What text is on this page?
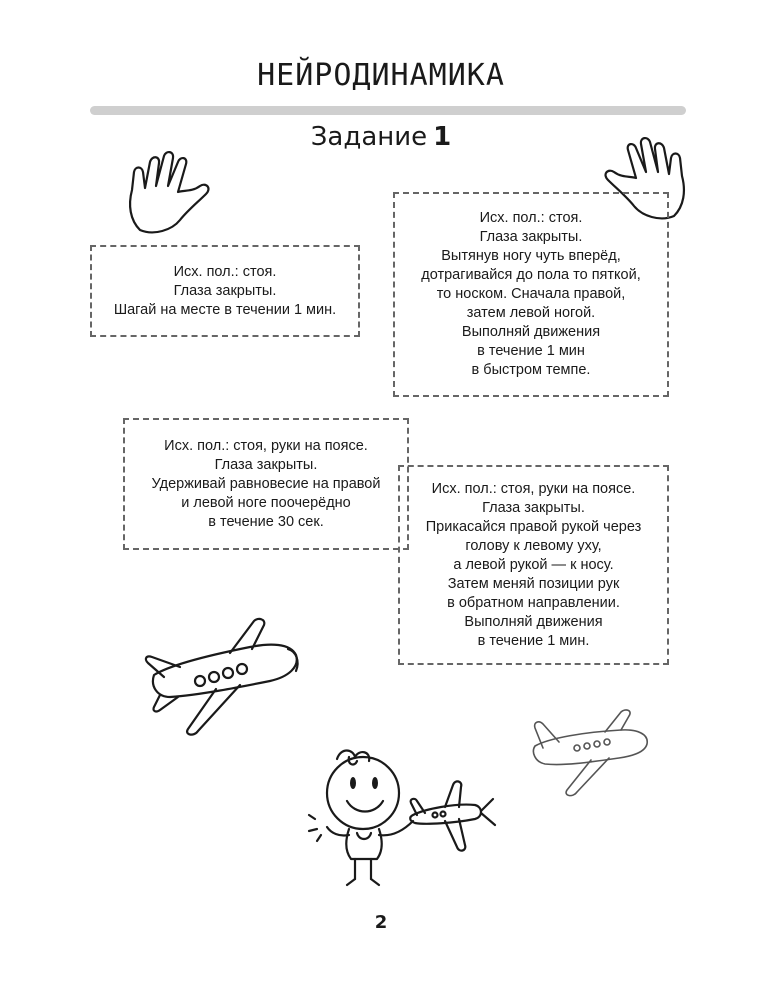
НЕЙРОДИНАМИКА
Задание 1
Исх. пол.: стоя.
Глаза закрыты.
Шагай на месте в течении 1 мин.
Исх. пол.: стоя.
Глаза закрыты.
Вытянув ногу чуть вперёд,
дотрагивайся до пола то пяткой,
то носком. Сначала правой,
затем левой ногой.
Выполняй движения
в течение 1 мин
в быстром темпе.
Исх. пол.: стоя, руки на поясе.
Глаза закрыты.
Удерживай равновесие на правой
и левой ноге поочерёдно
в течение 30 сек.
Исх. пол.: стоя, руки на поясе.
Глаза закрыты.
Прикасайся правой рукой через
голову к левому уху,
а левой рукой — к носу.
Затем меняй позиции рук
в обратном направлении.
Выполняй движения
в течение 1 мин.
2
